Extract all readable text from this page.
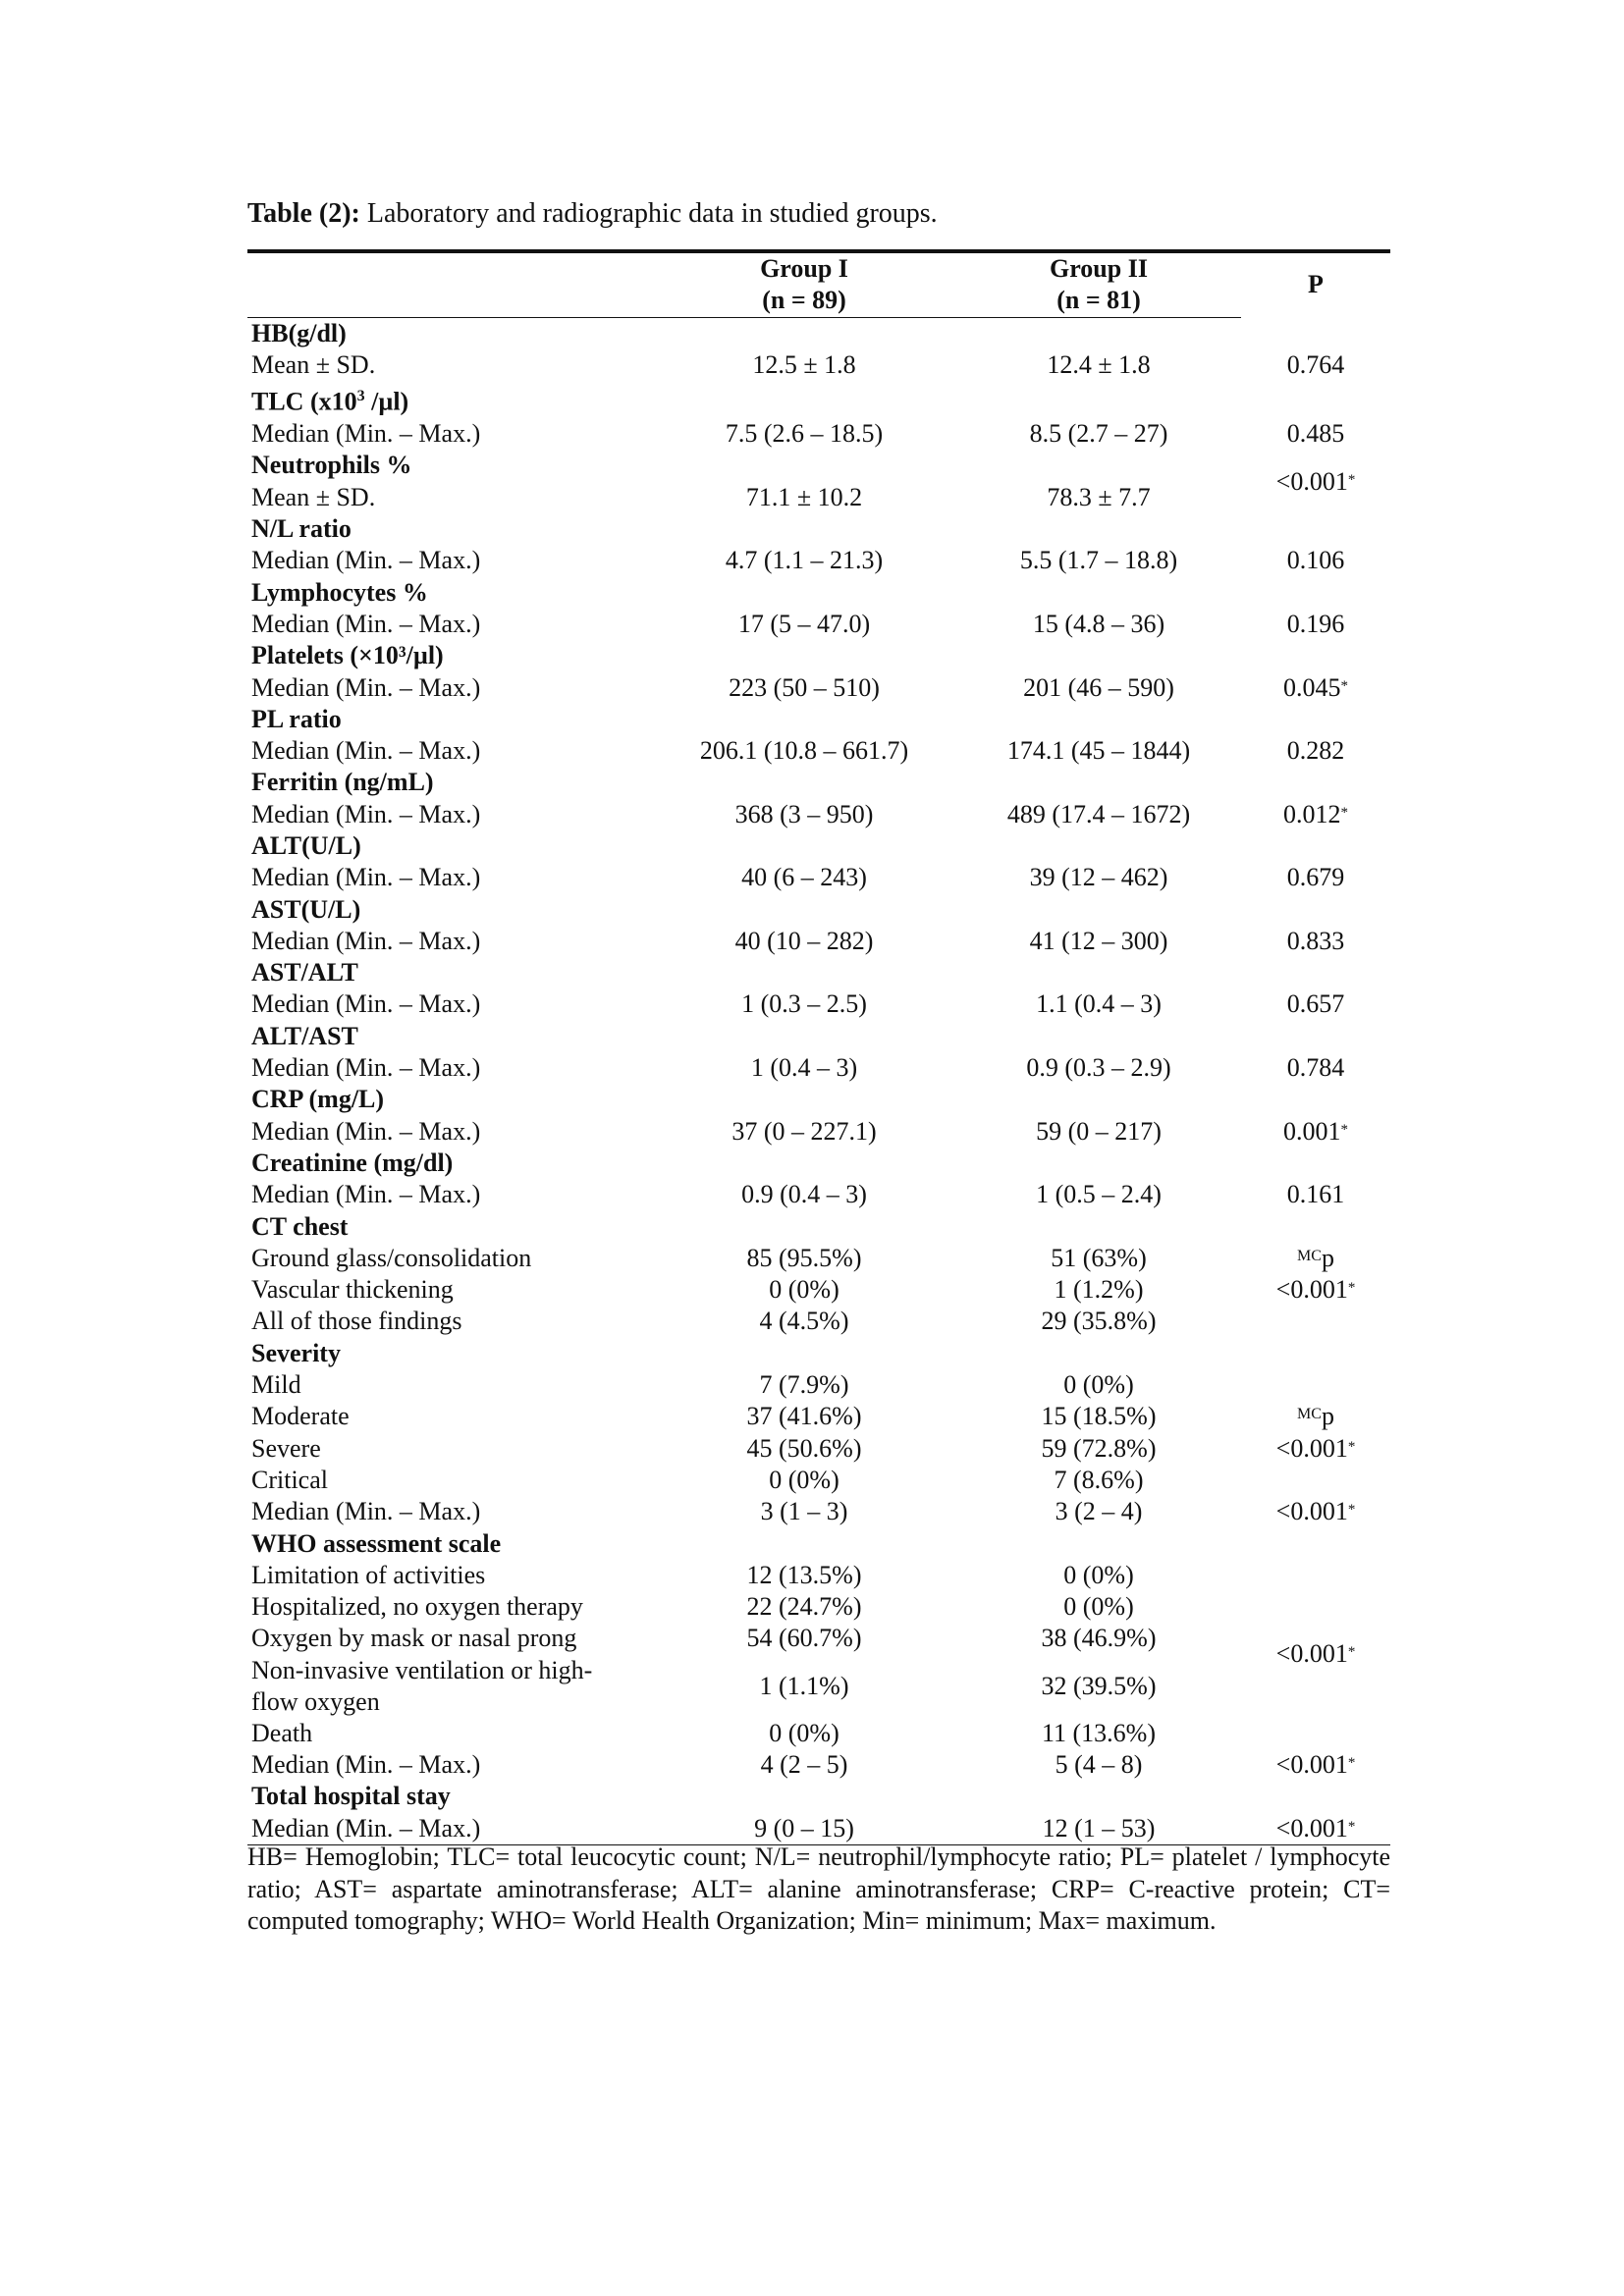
Table (2): Laboratory and radiographic data in studied groups.
	Group I	Group II	P
	(n = 89)	(n = 81)	
HB(g/dl)			
Mean ± SD.	12.5 ± 1.8	12.4 ± 1.8	0.764
TLC ($x10^3$ /µl)			
Median (Min. – Max.)	7.5 (2.6 – 18.5)	8.5 (2.7 – 27)	0.485
Neutrophils %			<0.001*
Mean ± SD.	71.1 ± 10.2	78.3 ± 7.7	
N/L ratio			
Median (Min. – Max.)	4.7 (1.1 – 21.3)	5.5 (1.7 – 18.8)	0.106
Lymphocytes %			
Median (Min. – Max.)	17 (5 – 47.0)	15 (4.8 – 36)	0.196
Platelets (×10³/µl)			
Median (Min. – Max.)	223 (50 – 510)	201 (46 – 590)	0.045*
PL ratio			
Median (Min. – Max.)	206.1 (10.8 – 661.7)	174.1 (45 – 1844)	0.282
Ferritin (ng/mL)			
Median (Min. – Max.)	368 (3 – 950)	489 (17.4 – 1672)	0.012*
ALT(U/L)			
Median (Min. – Max.)	40 (6 – 243)	39 (12 – 462)	0.679
AST(U/L)			
Median (Min. – Max.)	40 (10 – 282)	41 (12 – 300)	0.833
AST/ALT			
Median (Min. – Max.)	1 (0.3 – 2.5)	1.1 (0.4 – 3)	0.657
ALT/AST			
Median (Min. – Max.)	1 (0.4 – 3)	0.9 (0.3 – 2.9)	0.784
CRP (mg/L)			
Median (Min. – Max.)	37 (0 – 227.1)	59 (0 – 217)	0.001*
Creatinine (mg/dl)			
Median (Min. – Max.)	0.9 (0.4 – 3)	1 (0.5 – 2.4)	0.161
CT chest			
Ground glass/consolidation	85 (95.5%)	51 (63%)	$^{MC}$p
Vascular thickening	0 (0%)	1 (1.2%)	<0.001*
All of those findings	4 (4.5%)	29 (35.8%)	
Severity			
Mild	7 (7.9%)	0 (0%)	
Moderate	37 (41.6%)	15 (18.5%)	$^{MC}$p
Severe	45 (50.6%)	59 (72.8%)	<0.001*
Critical	0 (0%)	7 (8.6%)	
Median (Min. – Max.)	3 (1 – 3)	3 (2 – 4)	<0.001*
WHO assessment scale			
Limitation of activities	12 (13.5%)	0 (0%)	<0.001*
Hospitalized, no oxygen therapy	22 (24.7%)	0 (0%)	
Oxygen by mask or nasal prong	54 (60.7%)	38 (46.9%)	
Non-invasive ventilation or high-flow oxygen	1 (1.1%)	32 (39.5%)	
Death	0 (0%)	11 (13.6%)	
Median (Min. – Max.)	4 (2 – 5)	5 (4 – 8)	<0.001*
Total hospital stay			
Median (Min. – Max.)	9 (0 – 15)	12 (1 – 53)	<0.001*
HB= Hemoglobin; TLC= total leucocytic count; N/L= neutrophil/lymphocyte ratio; PL= platelet / lymphocyte ratio; AST= aspartate aminotransferase; ALT= alanine aminotransferase; CRP= C-reactive protein; CT= computed tomography; WHO= World Health Organization; Min= minimum; Max= maximum.
